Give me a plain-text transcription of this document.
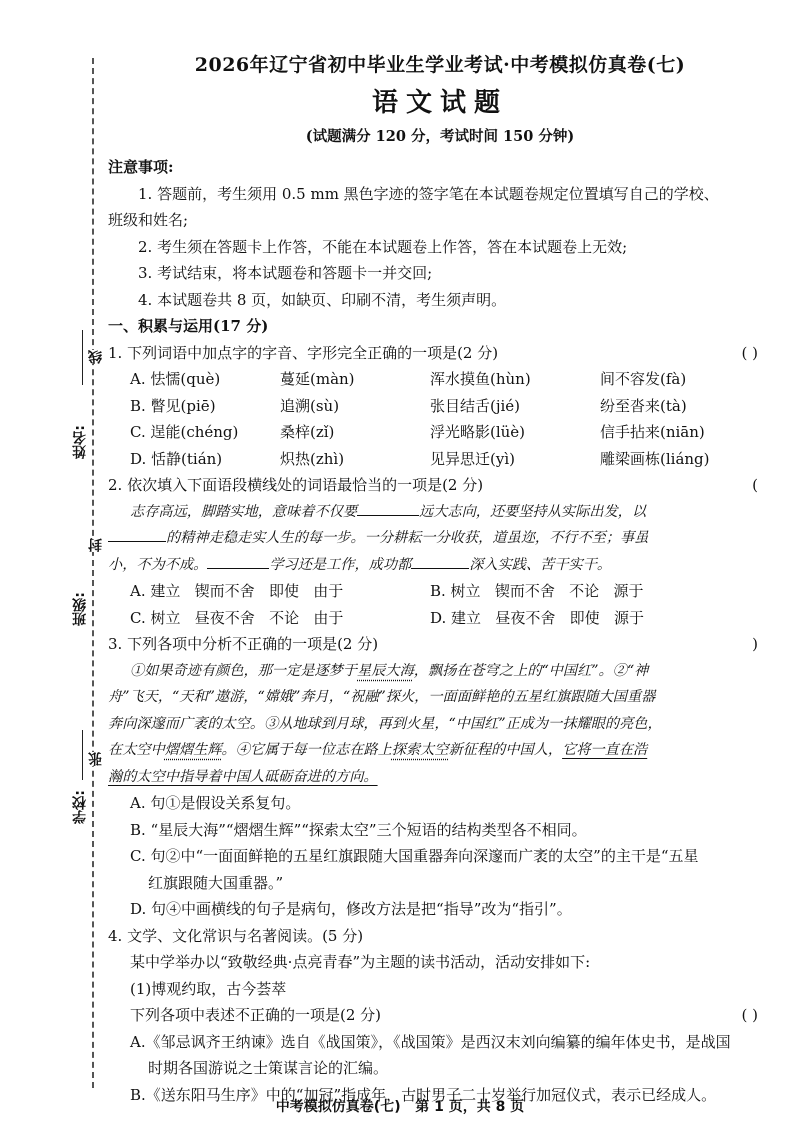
线
姓名:
封
班级:
张
学校:
2026年辽宁省初中毕业生学业考试·中考模拟仿真卷(七)
语文试题
(试题满分 120 分，考试时间 150 分钟)
注意事项:
1. 答题前，考生须用 0.5 mm 黑色字迹的签字笔在本试题卷规定位置填写自己的学校、
班级和姓名;
2. 考生须在答题卡上作答，不能在本试题卷上作答，答在本试题卷上无效;
3. 考试结束，将本试题卷和答题卡一并交回;
4. 本试题卷共 8 页，如缺页、印刷不清，考生须声明。
一、积累与运用(17 分)
1. 下列词语中加点字的字音、字形完全正确的一项是(2 分)	( )
A. 怯懦(què)	蔓延(màn)	浑水摸鱼(hùn)	间不容发(fà)
B. 瞥见(piē)	追溯(sù)	张目结舌(jié)	纷至沓来(tà)
C. 逞能(chéng)	桑梓(zǐ)	浮光略影(lüè)	信手拈来(niān)
D. 恬静(tián)	炽热(zhì)	见异思迁(yì)	雕梁画栋(liáng)
2. 依次填入下面语段横线处的词语最恰当的一项是(2 分)	(
志存高远，脚踏实地，意味着不仅要	远大志向，还要坚持从实际出发，以
的精神走稳走实人生的每一步。一分耕耘一分收获，道虽迩，不行不至；事虽
小，不为不成。	学习还是工作，成功都	深入实践、苦干实干。
A. 建立   锲而不舍   即使   由于	B. 树立   锲而不舍   不论   源于
C. 树立   昼夜不舍   不论   由于	D. 建立   昼夜不舍   即使   源于
3. 下列各项中分析不正确的一项是(2 分)	)
①如果奇迹有颜色，那一定是逐梦于星辰大海，飘扬在苍穹之上的“中国红”。②“神
舟”飞天，“天和”遨游，“嫦娥”奔月，“祝融”探火，一面面鲜艳的五星红旗跟随大国重器
奔向深邃而广袤的太空。③从地球到月球，再到火星，“中国红”正成为一抹耀眼的亮色，
在太空中熠熠生辉。④它属于每一位志在路上探索太空新征程的中国人，它将一直在浩
瀚的太空中指导着中国人砥砺奋进的方向。
A. 句①是假设关系复句。
B. “星辰大海”“熠熠生辉”“探索太空”三个短语的结构类型各不相同。
C. 句②中“一面面鲜艳的五星红旗跟随大国重器奔向深邃而广袤的太空”的主干是“五星
红旗跟随大国重器。”
D. 句④中画横线的句子是病句，修改方法是把“指导”改为“指引”。
4. 文学、文化常识与名著阅读。(5 分)
某中学举办以“致敬经典·点亮青春”为主题的读书活动，活动安排如下:
(1)博观约取，古今荟萃
下列各项中表述不正确的一项是(2 分)	( )
A.《邹忌讽齐王纳谏》选自《战国策》，《战国策》是西汉末刘向编纂的编年体史书，是战国
时期各国游说之士策谋言论的汇编。
B.《送东阳马生序》中的“加冠”指成年，古时男子二十岁举行加冠仪式，表示已经成人。
中考模拟仿真卷(七)   第 1 页，共 8 页
